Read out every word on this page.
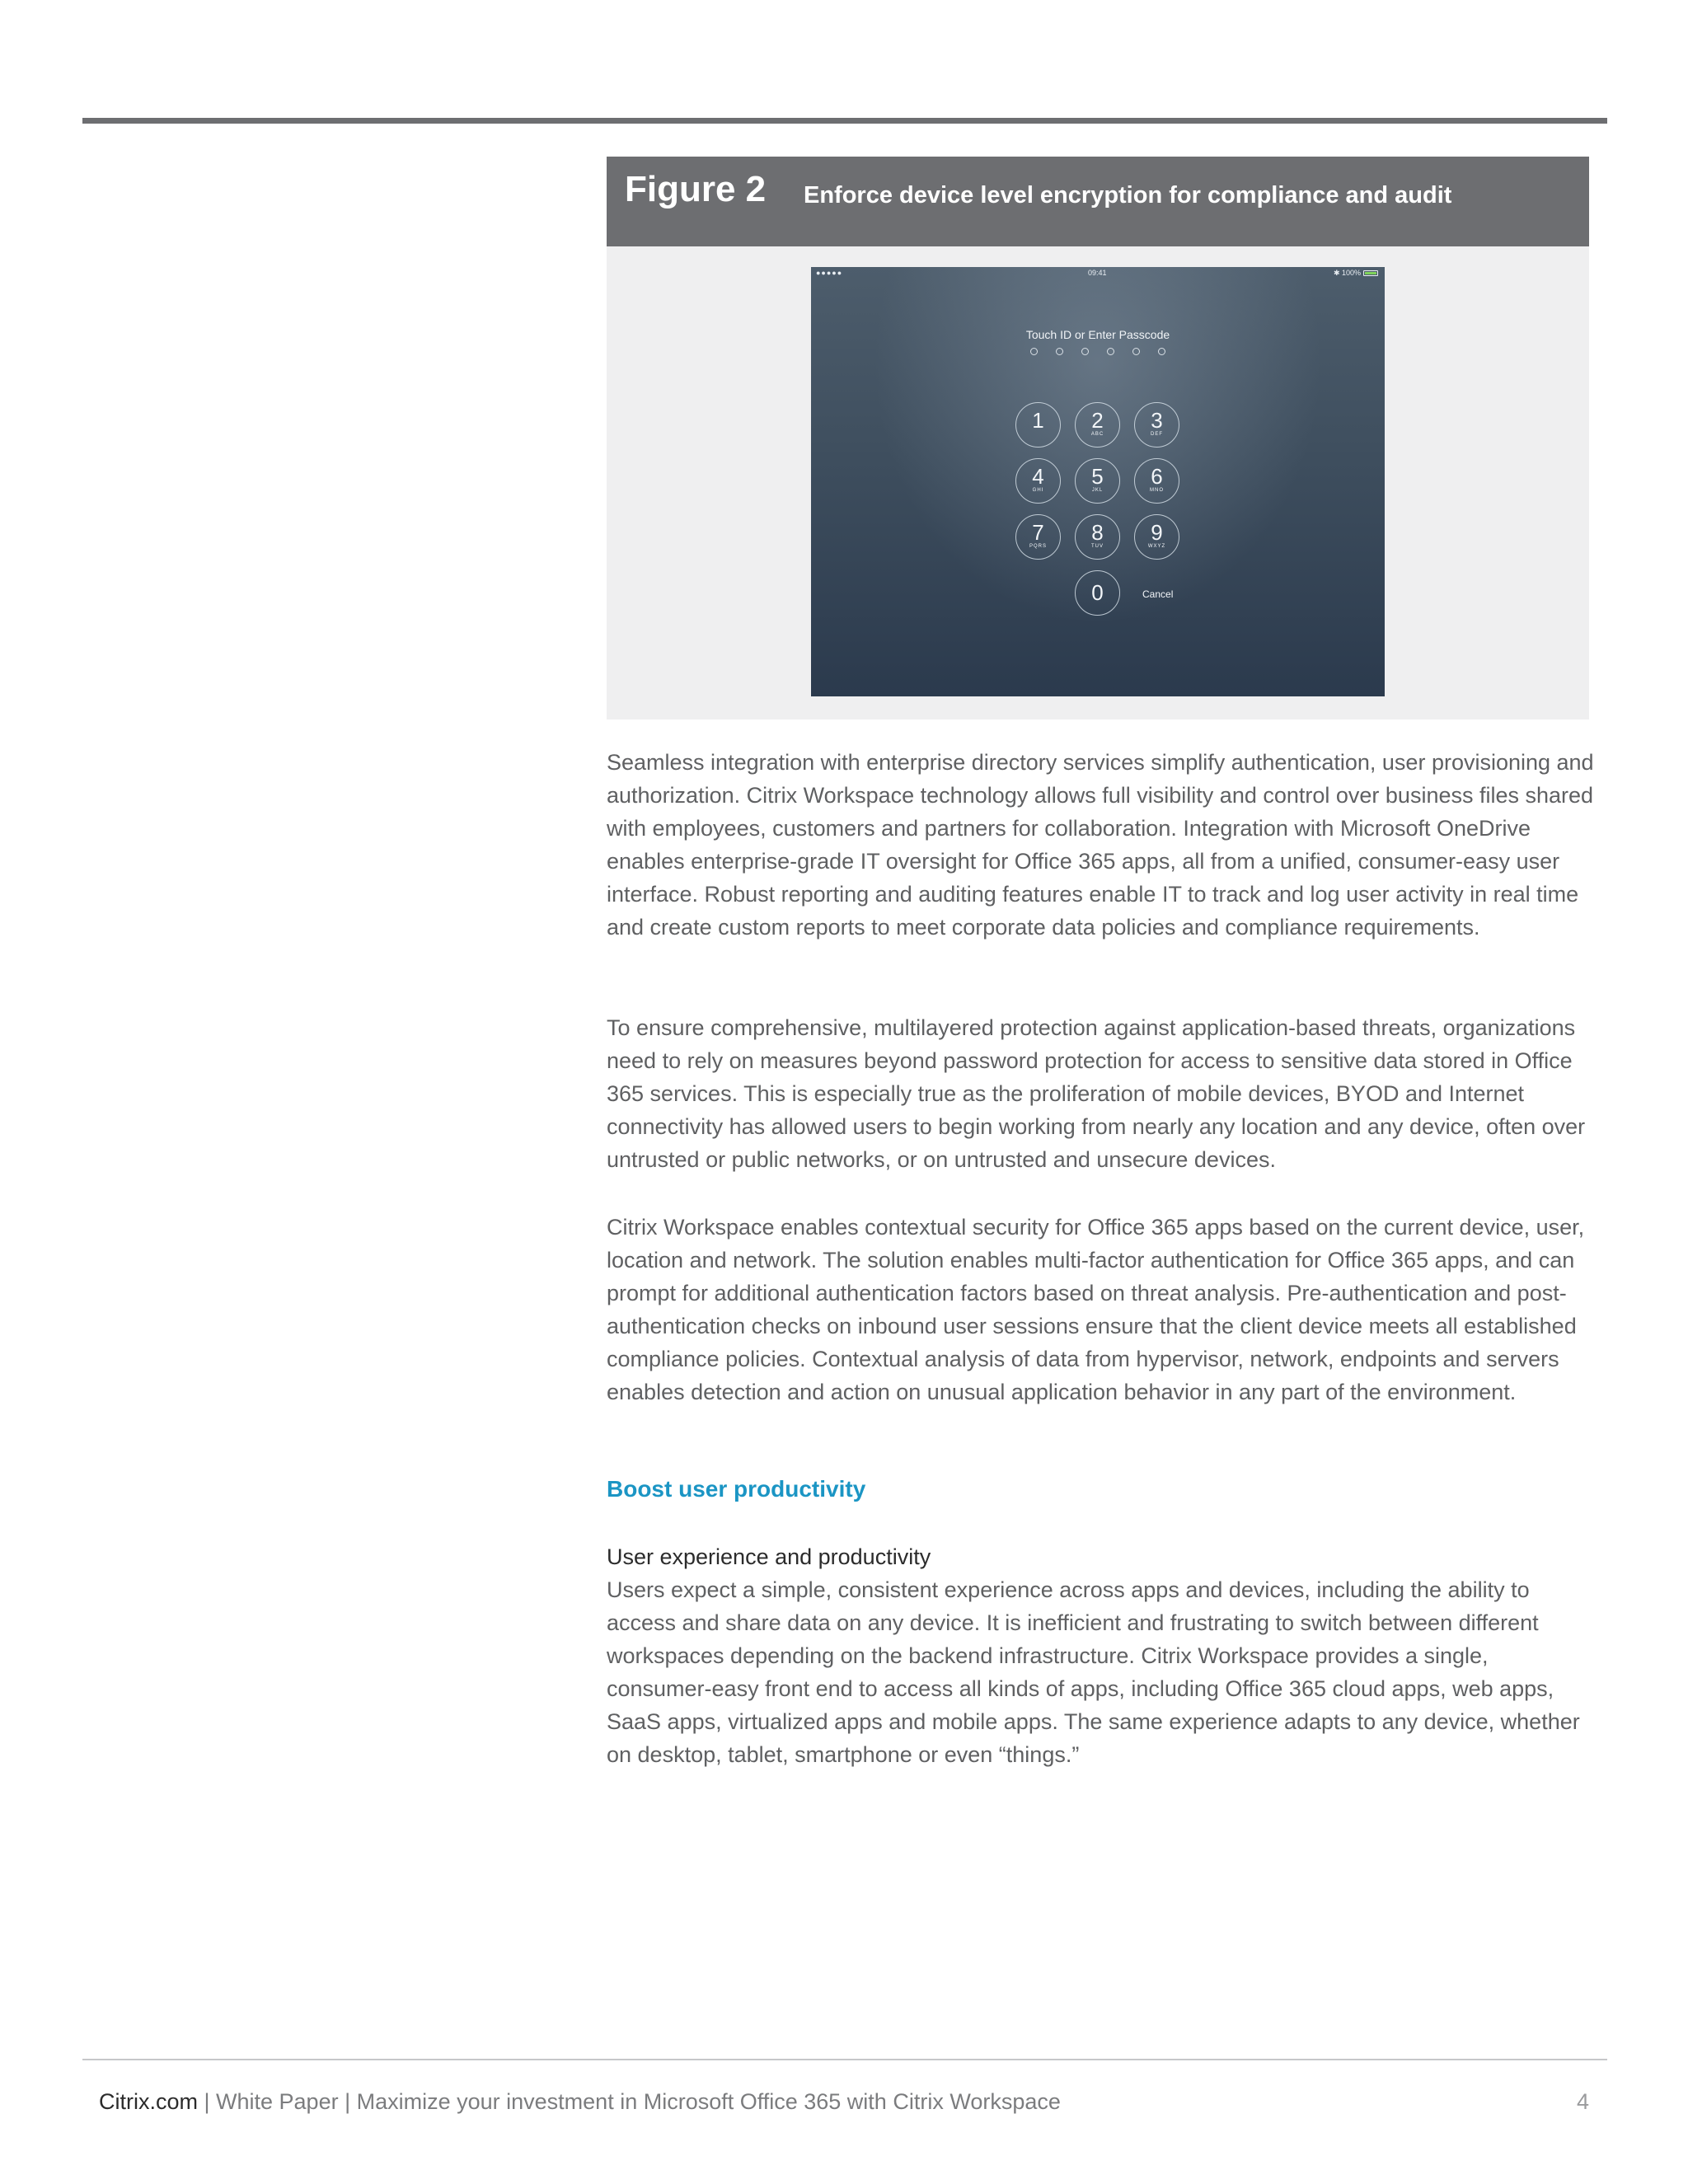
Figure 2 Enforce device level encryption for compliance and audit
●●●●●	09:41	✱ 100%
Touch ID or Enter Passcode
1	2
ABC
3
DEF
4
GHI
5
JKL
6
MNO
7
PQRS
8
TUV
9
WXYZ
0	Cancel

Seamless integration with enterprise directory services simplify authentication, user provisioning and authorization. Citrix Workspace technology allows full visibility and control over business files shared with employees, customers and partners for collaboration. Integration with Microsoft OneDrive enables enterprise-grade IT oversight for Office 365 apps, all from a unified, consumer-easy user interface. Robust reporting and auditing features enable IT to track and log user activity in real time and create custom reports to meet corporate data policies and compliance requirements.

To ensure comprehensive, multilayered protection against application-based threats, organizations need to rely on measures beyond password protection for access to sensitive data stored in Office 365 services. This is especially true as the proliferation of mobile devices, BYOD and Internet connectivity has allowed users to begin working from nearly any location and any device, often over untrusted or public networks, or on untrusted and unsecure devices.

Citrix Workspace enables contextual security for Office 365 apps based on the current device, user, location and network. The solution enables multi-factor authentication for Office 365 apps, and can prompt for additional authentication factors based on threat analysis. Pre-authentication and post-authentication checks on inbound user sessions ensure that the client device meets all established compliance policies. Contextual analysis of data from hypervisor, network, endpoints and servers enables detection and action on unusual application behavior in any part of the environment.

Boost user productivity
User experience and productivity

Users expect a simple, consistent experience across apps and devices, including the ability to access and share data on any device. It is inefficient and frustrating to switch between different workspaces depending on the backend infrastructure. Citrix Workspace provides a single, consumer-easy front end to access all kinds of apps, including Office 365 cloud apps, web apps, SaaS apps, virtualized apps and mobile apps. The same experience adapts to any device, whether on desktop, tablet, smartphone or even “things.”

Citrix.com | White Paper | Maximize your investment in Microsoft Office 365 with Citrix Workspace	4
